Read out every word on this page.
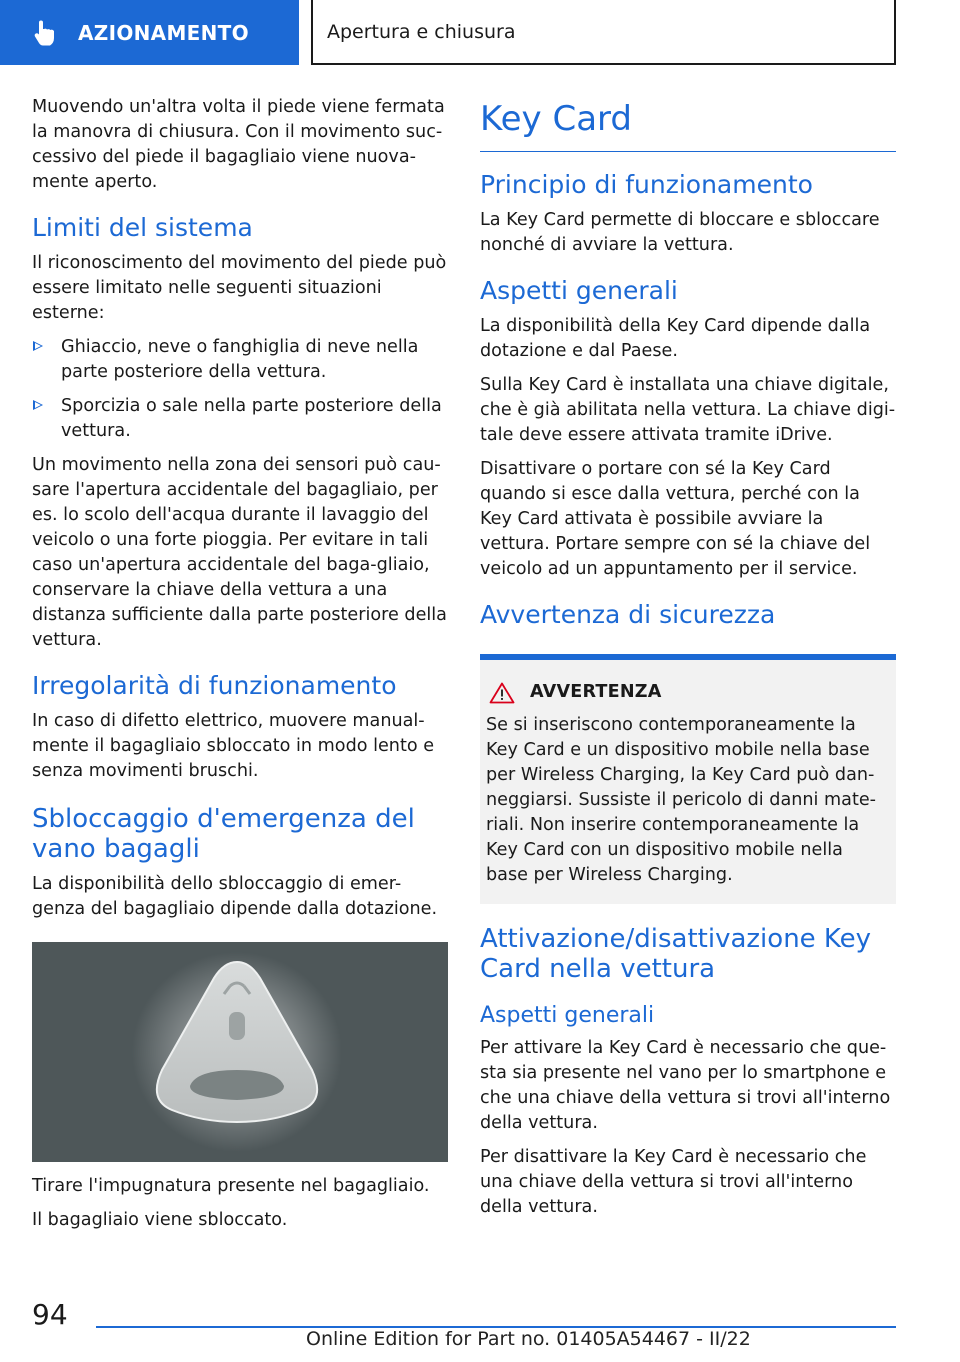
AZIONAMENTO	Apertura e chiusura

Muovendo un'altra volta il piede viene fermata la manovra di chiusura. Con il movimento suc-cessivo del piede il bagagliaio viene nuova-mente aperto.

Limiti del sistema

Il riconoscimento del movimento del piede può essere limitato nelle seguenti situazioni esterne:

Ghiaccio, neve o fanghiglia di neve nella parte posteriore della vettura.
Sporcizia o sale nella parte posteriore della vettura.

Un movimento nella zona dei sensori può cau-sare l'apertura accidentale del bagagliaio, per es. lo scolo dell'acqua durante il lavaggio del veicolo o una forte pioggia. Per evitare in tali caso un'apertura accidentale del baga-gliaio, conservare la chiave della vettura a una distanza sufficiente dalla parte posteriore della vettura.

Irregolarità di funzionamento

In caso di difetto elettrico, muovere manual-mente il bagagliaio sbloccato in modo lento e senza movimenti bruschi.

Sbloccaggio d'emergenza del vano bagagli

La disponibilità dello sbloccaggio di emer-genza del bagagliaio dipende dalla dotazione.

Tirare l'impugnatura presente nel bagagliaio.

Il bagagliaio viene sbloccato.

Key Card
Principio di funzionamento

La Key Card permette di bloccare e sbloccare nonché di avviare la vettura.

Aspetti generali

La disponibilità della Key Card dipende dalla dotazione e dal Paese.

Sulla Key Card è installata una chiave digitale, che è già abilitata nella vettura. La chiave digi-tale deve essere attivata tramite iDrive.

Disattivare o portare con sé la Key Card quando si esce dalla vettura, perché con la Key Card attivata è possibile avviare la vettura. Portare sempre con sé la chiave del veicolo ad un appuntamento per il service.

Avvertenza di sicurezza
AVVERTENZA

Se si inseriscono contemporaneamente la Key Card e un dispositivo mobile nella base per Wireless Charging, la Key Card può dan-neggiarsi. Sussiste il pericolo di danni mate-riali. Non inserire contemporaneamente la Key Card con un dispositivo mobile nella base per Wireless Charging.

Attivazione/disattivazione Key Card nella vettura
Aspetti generali

Per attivare la Key Card è necessario che que-sta sia presente nel vano per lo smartphone e che una chiave della vettura si trovi all'interno della vettura.

Per disattivare la Key Card è necessario che una chiave della vettura si trovi all'interno della vettura.

94
Online Edition for Part no. 01405A54467 - II/22
